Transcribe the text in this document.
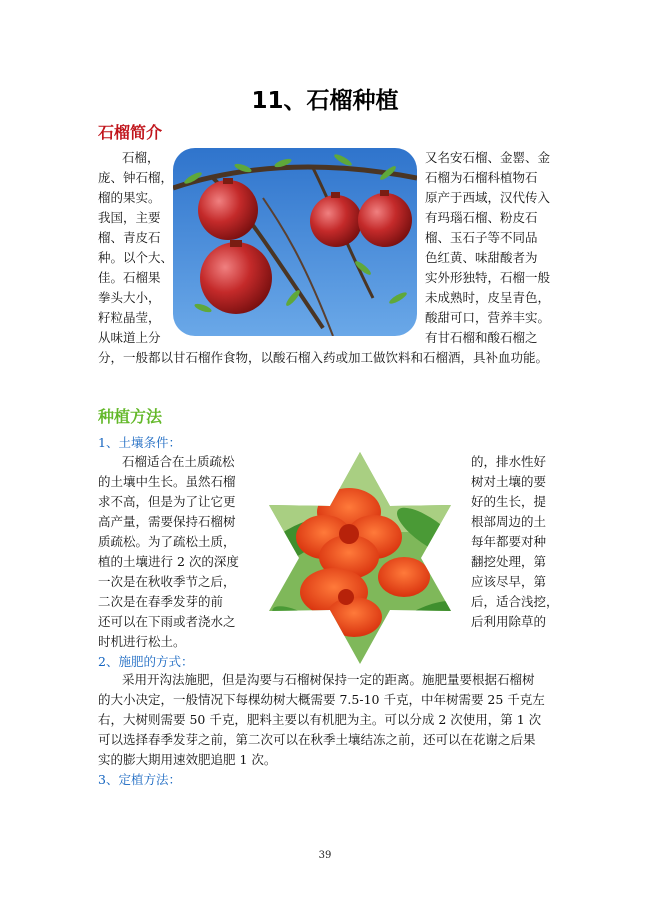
11、石榴种植
石榴简介
石榴，
庞、钟石榴，
榴的果实。
我国，主要
榴、青皮石
种。以个大、
佳。石榴果
拳头大小，
籽粒晶莹，
从味道上分
又名安石榴、金罂、金
石榴为石榴科植物石
原产于西域，汉代传入
有玛瑙石榴、粉皮石
榴、玉石子等不同品
色红黄、味甜酸者为
实外形独特，石榴一般
未成熟时，皮呈青色，
酸甜可口，营养丰实。
有甘石榴和酸石榴之
分，一般都以甘石榴作食物，以酸石榴入药或加工做饮料和石榴酒，具补血功能。
种植方法
1、土壤条件：
石榴适合在土质疏松
的土壤中生长。虽然石榴
求不高，但是为了让它更
高产量，需要保持石榴树
质疏松。为了疏松土质，
植的土壤进行 2 次的深度
一次是在秋收季节之后，
二次是在春季发芽的前
还可以在下雨或者浇水之
的，排水性好
树对土壤的要
好的生长，提
根部周边的土
每年都要对种
翻挖处理，第
应该尽早，第
后，适合浅挖，
后利用除草的
时机进行松土。
2、施肥的方式：
采用开沟法施肥，但是沟要与石榴树保持一定的距离。施肥量要根据石榴树
的大小决定，一般情况下每棵幼树大概需要 7.5-10 千克，中年树需要 25 千克左
右，大树则需要 50 千克，肥料主要以有机肥为主。可以分成 2 次使用，第 1 次
可以选择春季发芽之前，第二次可以在秋季土壤结冻之前，还可以在花谢之后果
实的膨大期用速效肥追肥 1 次。
3、定植方法：
39
